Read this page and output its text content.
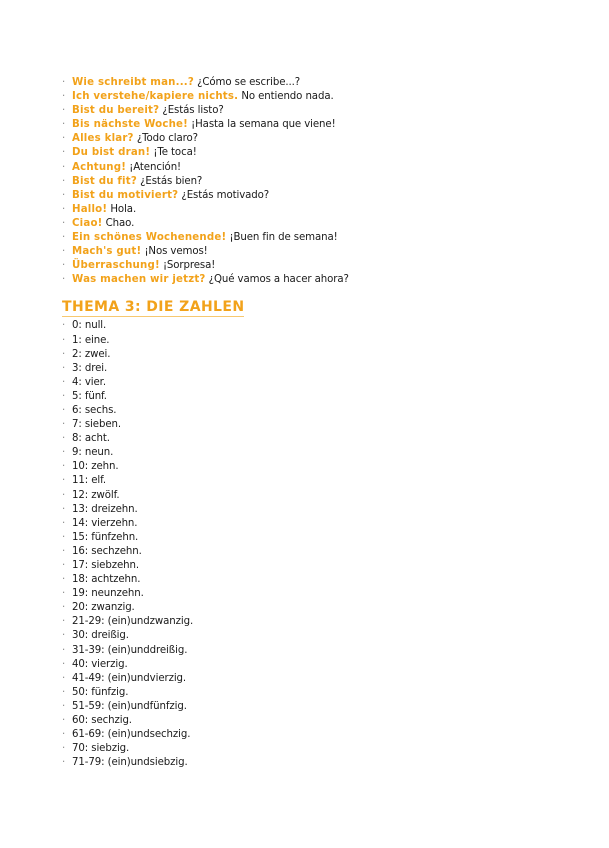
· Wie schreibt man...? ¿Cómo se escribe...?
· Ich verstehe/kapiere nichts. No entiendo nada.
· Bist du bereit? ¿Estás listo?
· Bis nächste Woche! ¡Hasta la semana que viene!
· Alles klar? ¿Todo claro?
· Du bist dran! ¡Te toca!
· Achtung! ¡Atención!
· Bist du fit? ¿Estás bien?
· Bist du motiviert? ¿Estás motivado?
· Hallo! Hola.
· Ciao! Chao.
· Ein schönes Wochenende! ¡Buen fin de semana!
· Mach's gut! ¡Nos vemos!
· Überraschung! ¡Sorpresa!
· Was machen wir jetzt? ¿Qué vamos a hacer ahora?
THEMA 3: DIE ZAHLEN
· 0: null.
· 1: eine.
· 2: zwei.
· 3: drei.
· 4: vier.
· 5: fünf.
· 6: sechs.
· 7: sieben.
· 8: acht.
· 9: neun.
· 10: zehn.
· 11: elf.
· 12: zwölf.
· 13: dreizehn.
· 14: vierzehn.
· 15: fünfzehn.
· 16: sechzehn.
· 17: siebzehn.
· 18: achtzehn.
· 19: neunzehn.
· 20: zwanzig.
· 21-29: (ein)undzwanzig.
· 30: dreißig.
· 31-39: (ein)unddreißig.
· 40: vierzig.
· 41-49: (ein)undvierzig.
· 50: fünfzig.
· 51-59: (ein)undfünfzig.
· 60: sechzig.
· 61-69: (ein)undsechzig.
· 70: siebzig.
· 71-79: (ein)undsiebzig.
